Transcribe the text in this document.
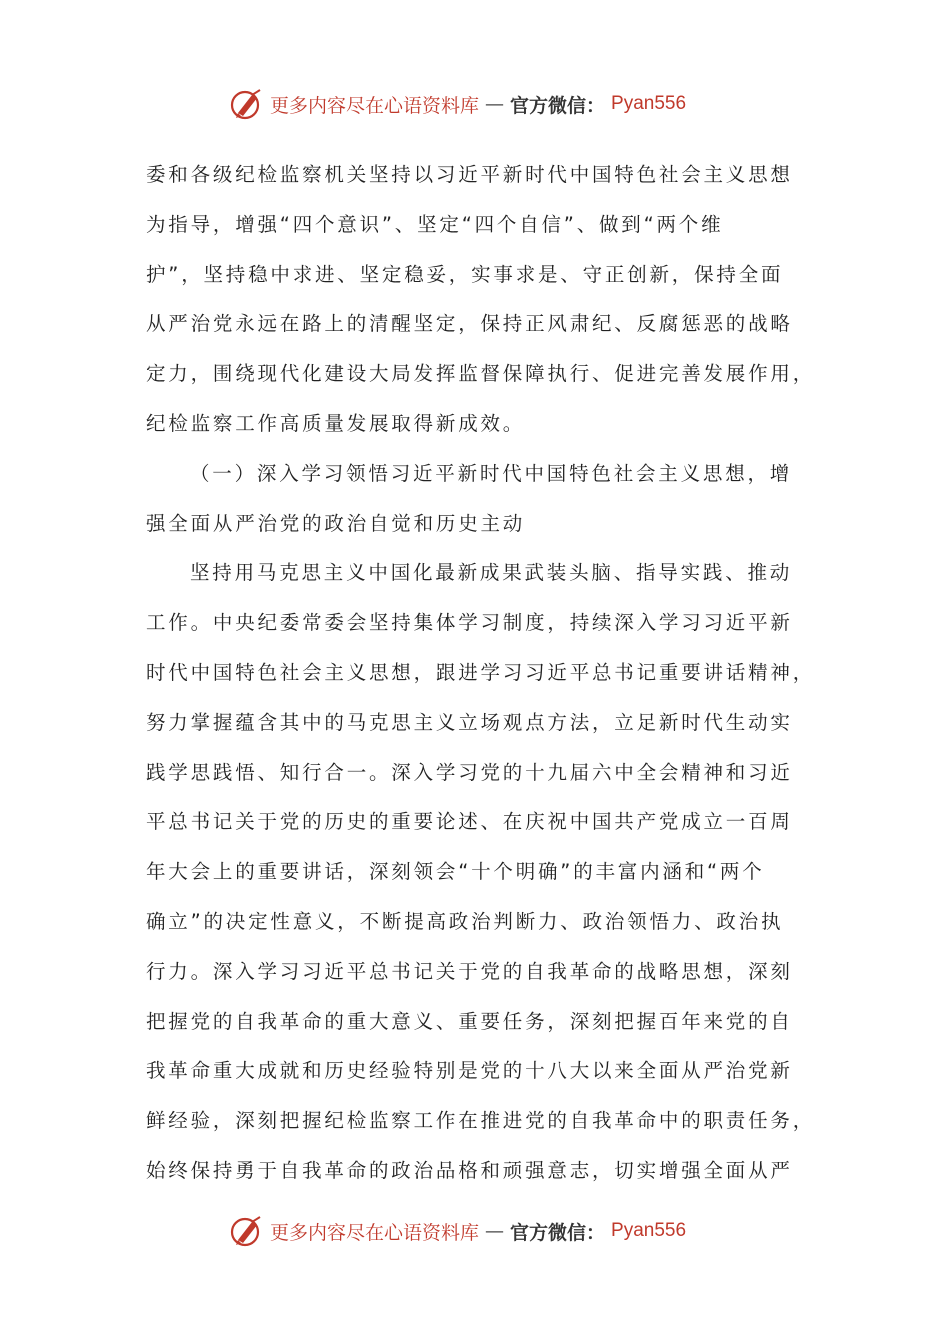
更多内容尽在心语资料库 — 官方微信： Pyan556
委和各级纪检监察机关坚持以习近平新时代中国特色社会主义思想
为指导，增强“四个意识”、坚定“四个自信”、做到“两个维
护”，坚持稳中求进、坚定稳妥，实事求是、守正创新，保持全面
从严治党永远在路上的清醒坚定，保持正风肃纪、反腐惩恶的战略
定力，围绕现代化建设大局发挥监督保障执行、促进完善发展作用，
纪检监察工作高质量发展取得新成效。
（一）深入学习领悟习近平新时代中国特色社会主义思想，增
强全面从严治党的政治自觉和历史主动
坚持用马克思主义中国化最新成果武装头脑、指导实践、推动
工作。中央纪委常委会坚持集体学习制度，持续深入学习习近平新
时代中国特色社会主义思想，跟进学习习近平总书记重要讲话精神，
努力掌握蕴含其中的马克思主义立场观点方法，立足新时代生动实
践学思践悟、知行合一。深入学习党的十九届六中全会精神和习近
平总书记关于党的历史的重要论述、在庆祝中国共产党成立一百周
年大会上的重要讲话，深刻领会“十个明确”的丰富内涵和“两个
确立”的决定性意义，不断提高政治判断力、政治领悟力、政治执
行力。深入学习习近平总书记关于党的自我革命的战略思想，深刻
把握党的自我革命的重大意义、重要任务，深刻把握百年来党的自
我革命重大成就和历史经验特别是党的十八大以来全面从严治党新
鲜经验，深刻把握纪检监察工作在推进党的自我革命中的职责任务，
始终保持勇于自我革命的政治品格和顽强意志，切实增强全面从严
更多内容尽在心语资料库 — 官方微信： Pyan556
